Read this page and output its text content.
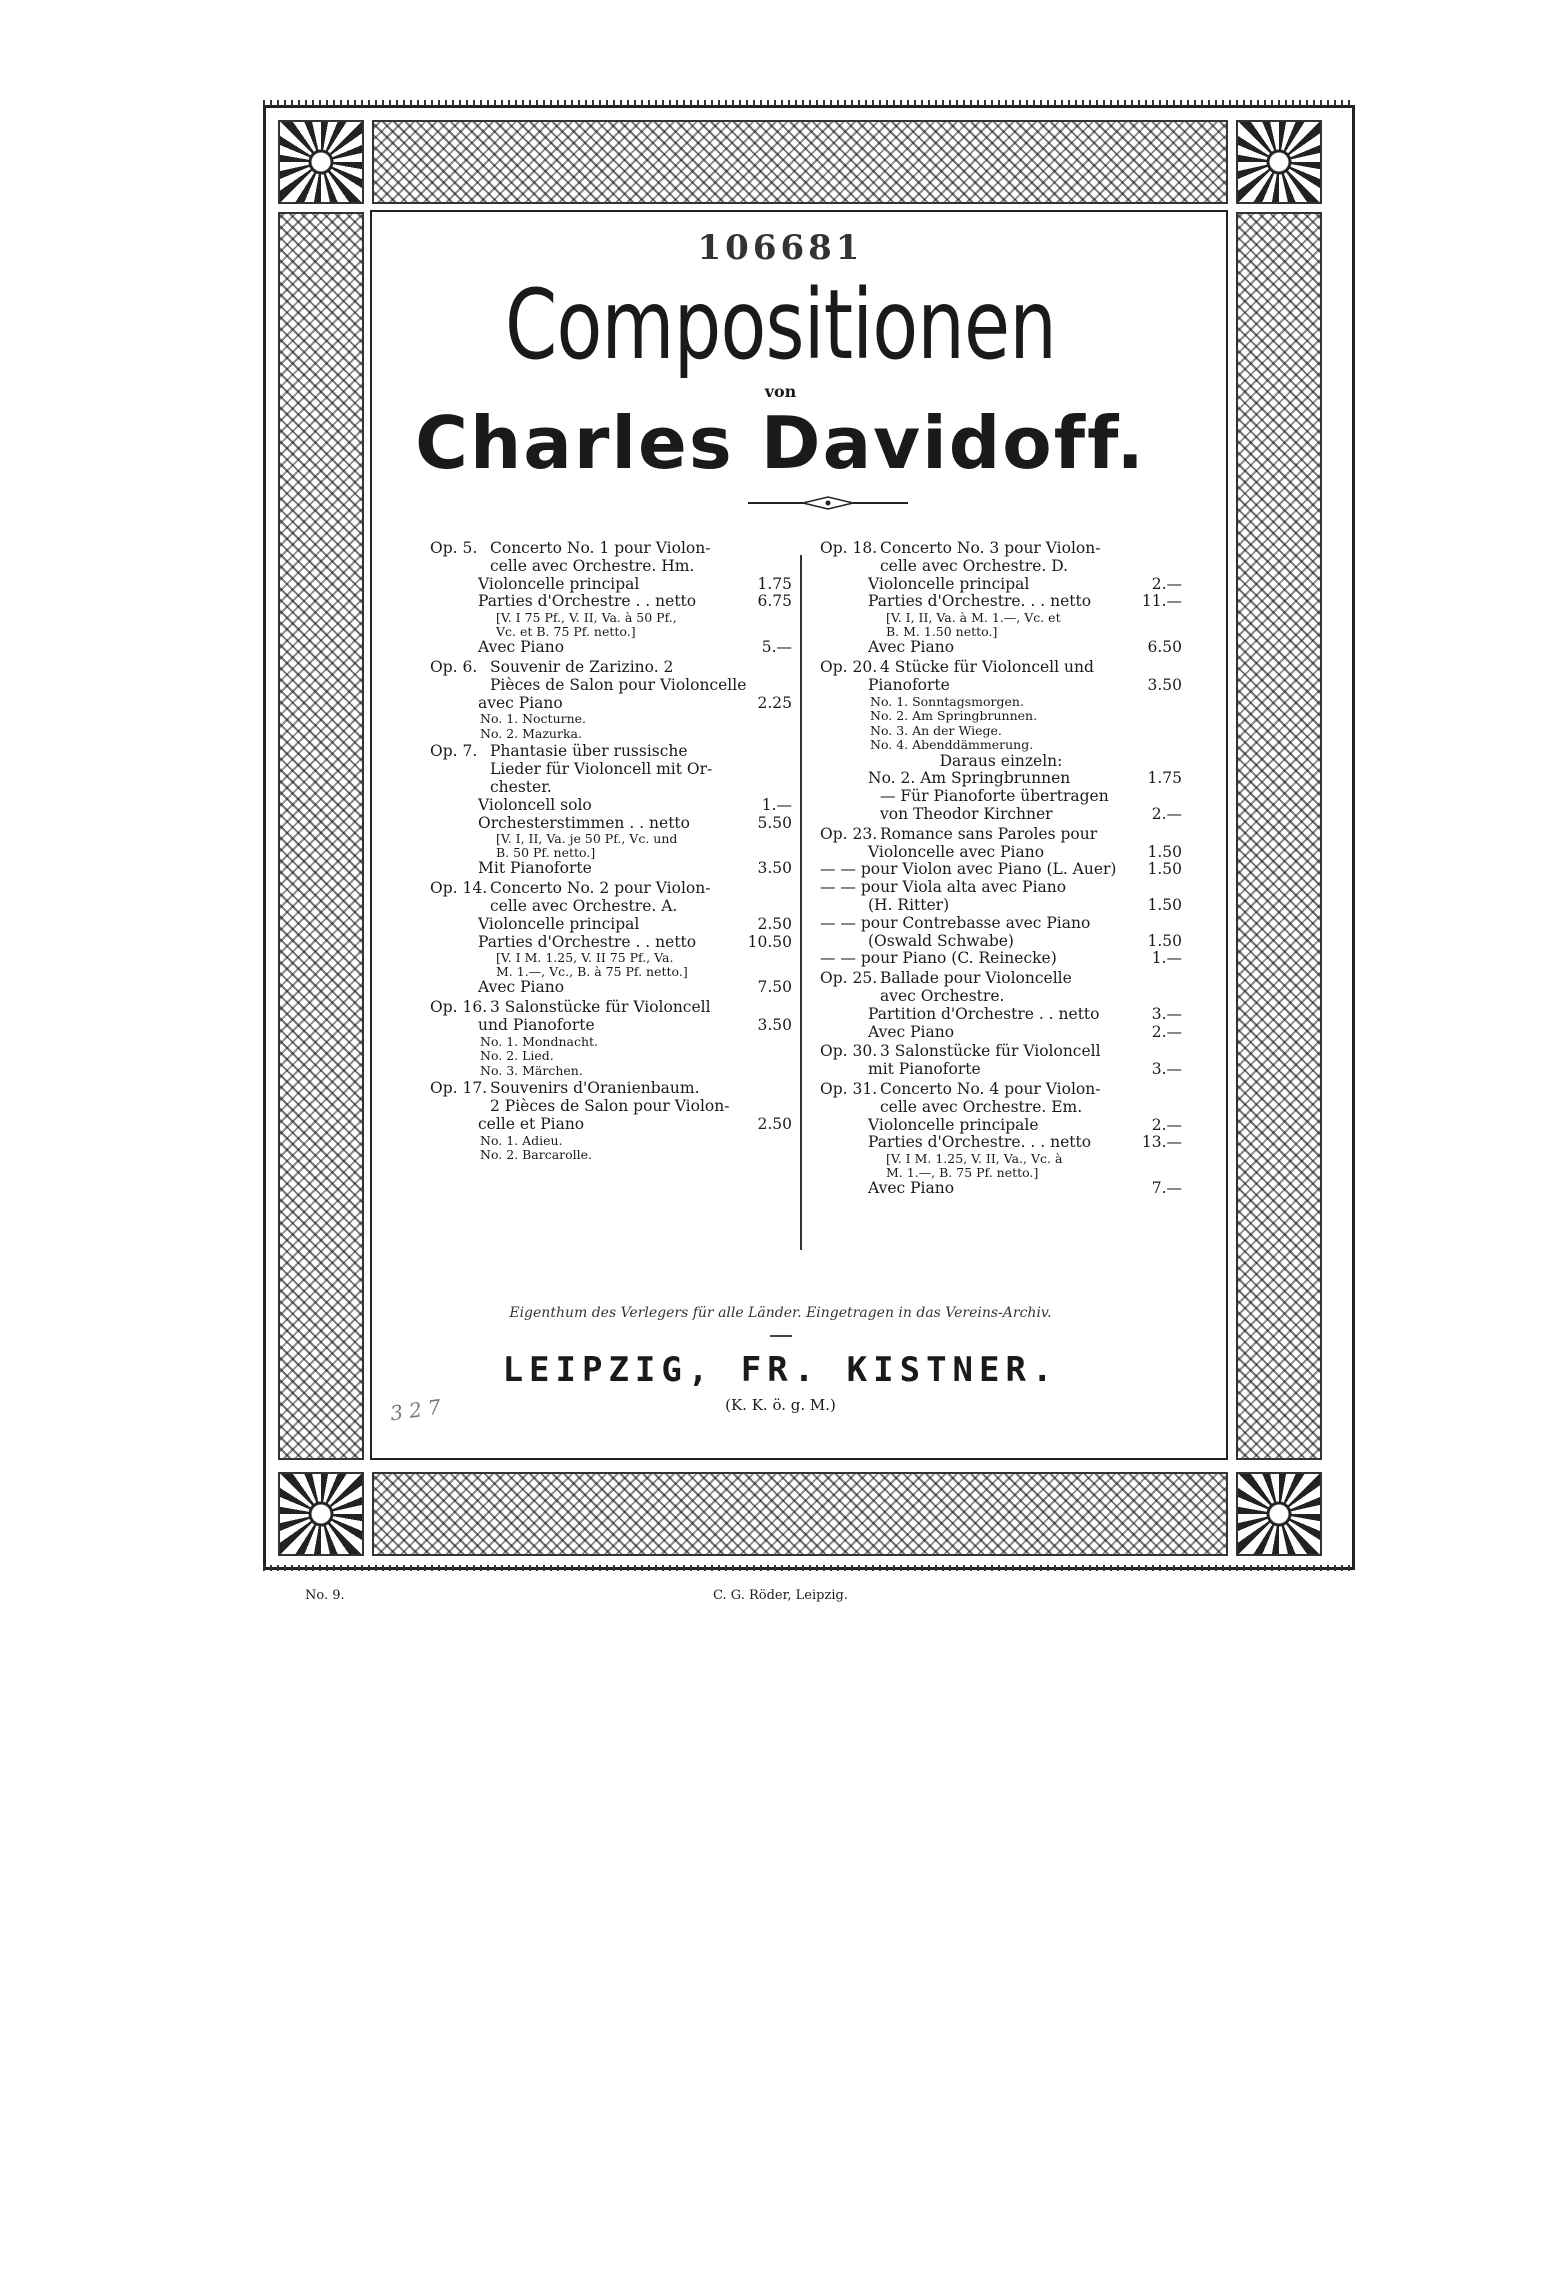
106681
Compositionen
von
Charles Davidoff.
Op. 5. Concerto No. 1 pour Violon-
celle avec Orchestre. Hm.
Violoncelle principal	1.75
Parties d'Orchestre . . netto	6.75
[V. I 75 Pf., V. II, Va. à 50 Pf.,
Vc. et B. 75 Pf. netto.]
Avec Piano	5.—
Op. 6. Souvenir de Zarizino. 2
Pièces de Salon pour Violoncelle
avec Piano	2.25
No. 1. Nocturne.
No. 2. Mazurka.
Op. 7. Phantasie über russische
Lieder für Violoncell mit Or-
chester.
Violoncell solo	1.—
Orchesterstimmen . . netto	5.50
[V. I, II, Va. je 50 Pf., Vc. und
B. 50 Pf. netto.]
Mit Pianoforte	3.50
Op. 14. Concerto No. 2 pour Violon-
celle avec Orchestre. A.
Violoncelle principal	2.50
Parties d'Orchestre . . netto	10.50
[V. I M. 1.25, V. II 75 Pf., Va.
M. 1.—, Vc., B. à 75 Pf. netto.]
Avec Piano	7.50
Op. 16. 3 Salonstücke für Violoncell
und Pianoforte	3.50
No. 1. Mondnacht.
No. 2. Lied.
No. 3. Märchen.
Op. 17. Souvenirs d'Oranienbaum.
2 Pièces de Salon pour Violon-
celle et Piano	2.50
No. 1. Adieu.
No. 2. Barcarolle.
Op. 18. Concerto No. 3 pour Violon-
celle avec Orchestre. D.
Violoncelle principal	2.—
Parties d'Orchestre. . . netto	11.—
[V. I, II, Va. à M. 1.—, Vc. et
B. M. 1.50 netto.]
Avec Piano	6.50
Op. 20. 4 Stücke für Violoncell und
Pianoforte	3.50
No. 1. Sonntagsmorgen.
No. 2. Am Springbrunnen.
No. 3. An der Wiege.
No. 4. Abenddämmerung.
Daraus einzeln:
No. 2. Am Springbrunnen	1.75
— Für Pianoforte übertragen
von Theodor Kirchner	2.—
Op. 23. Romance sans Paroles pour
Violoncelle avec Piano	1.50
— — pour Violon avec Piano (L. Auer) 1.50
— — pour Viola alta avec Piano
(H. Ritter)	1.50
— — pour Contrebasse avec Piano
(Oswald Schwabe)	1.50
— — pour Piano (C. Reinecke)	1.—
Op. 25. Ballade pour Violoncelle
avec Orchestre.
Partition d'Orchestre . . netto	3.—
Avec Piano	2.—
Op. 30. 3 Salonstücke für Violoncell
mit Pianoforte	3.—
Op. 31. Concerto No. 4 pour Violon-
celle avec Orchestre. Em.
Violoncelle principale	2.—
Parties d'Orchestre. . . netto	13.—
[V. I M. 1.25, V. II, Va., Vc. à
M. 1.—, B. 75 Pf. netto.]
Avec Piano	7.—
Eigenthum des Verlegers für alle Länder. Eingetragen in das Vereins-Archiv.
LEIPZIG, FR. KISTNER.
(K. K. ö. g. M.)
3 2 7
No. 9.	C. G. Röder, Leipzig.
